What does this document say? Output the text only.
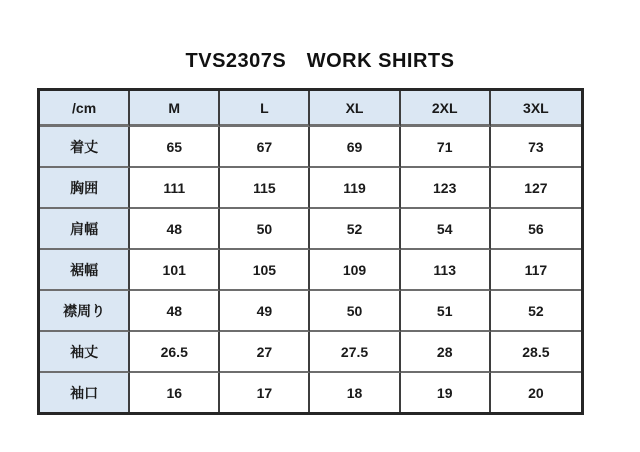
TVS2307S　WORK SHIRTS
/cm	M	L	XL	2XL	3XL
着丈	65	67	69	71	73
胸囲	111	115	119	123	127
肩幅	48	50	52	54	56
裾幅	101	105	109	113	117
襟周り	48	49	50	51	52
袖丈	26.5	27	27.5	28	28.5
袖口	16	17	18	19	20
